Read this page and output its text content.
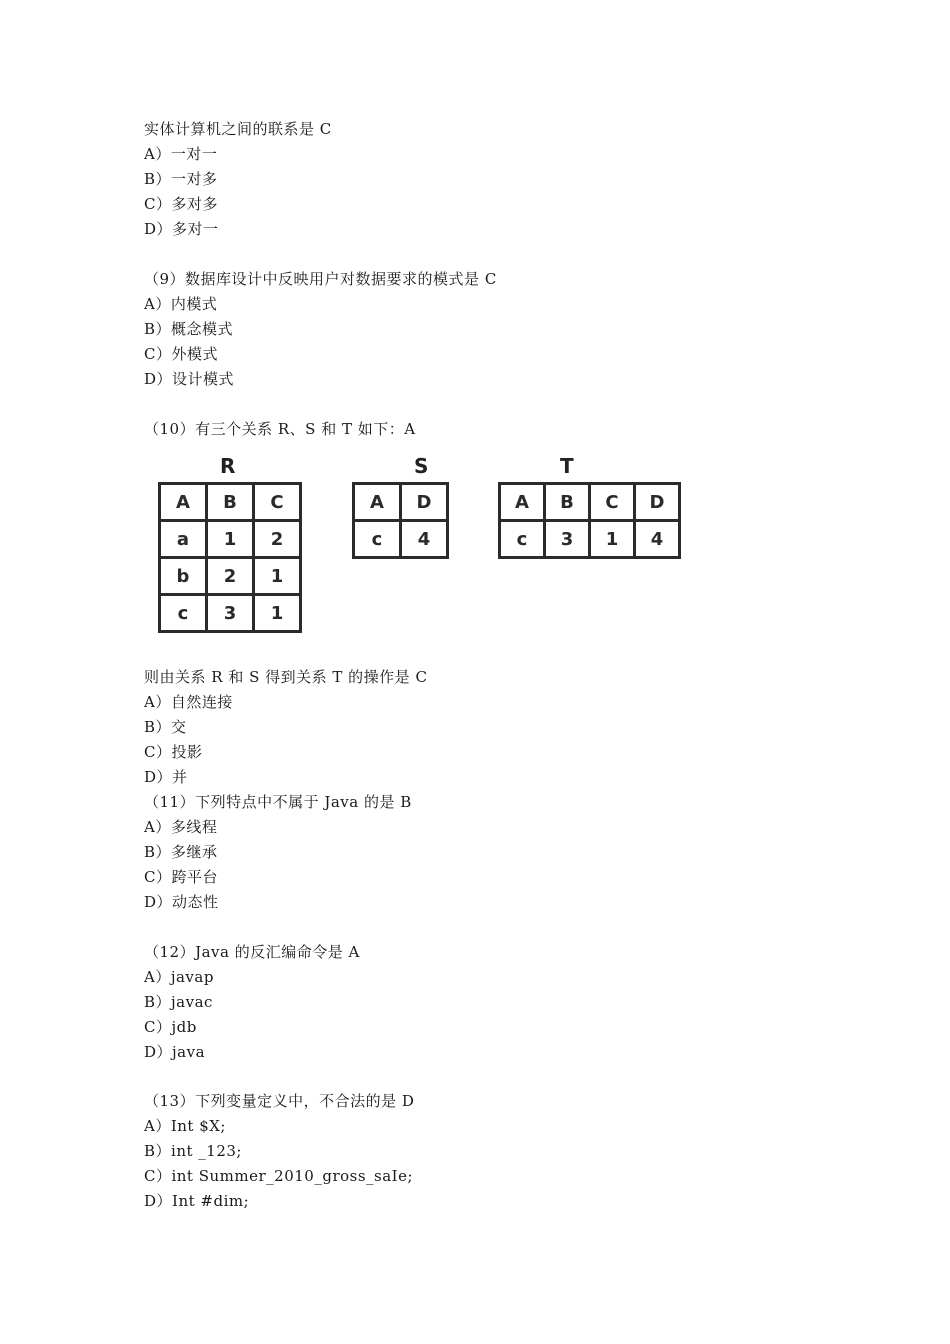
实体计算机之间的联系是 C
A）一对一
B）一对多
C）多对多
D）多对一
（9）数据库设计中反映用户对数据要求的模式是 C
A）内模式
B）概念模式
C）外模式
D）设计模式
（10）有三个关系 R、S 和 T 如下：A
R
A	B	C
a	1	2
b	2	1
c	3	1
S
A	D
c	4
T
A	B	C	D
c	3	1	4
则由关系 R 和 S 得到关系 T 的操作是 C
A）自然连接
B）交
C）投影
D）并
（11）下列特点中不属于 Java 的是 B
A）多线程
B）多继承
C）跨平台
D）动态性
（12）Java 的反汇编命令是 A
A）javap
B）javac
C）jdb
D）java
（13）下列变量定义中，不合法的是 D
A）Int $X;
B）int _123;
C）int Summer_2010_gross_saIe;
D）Int #dim;
